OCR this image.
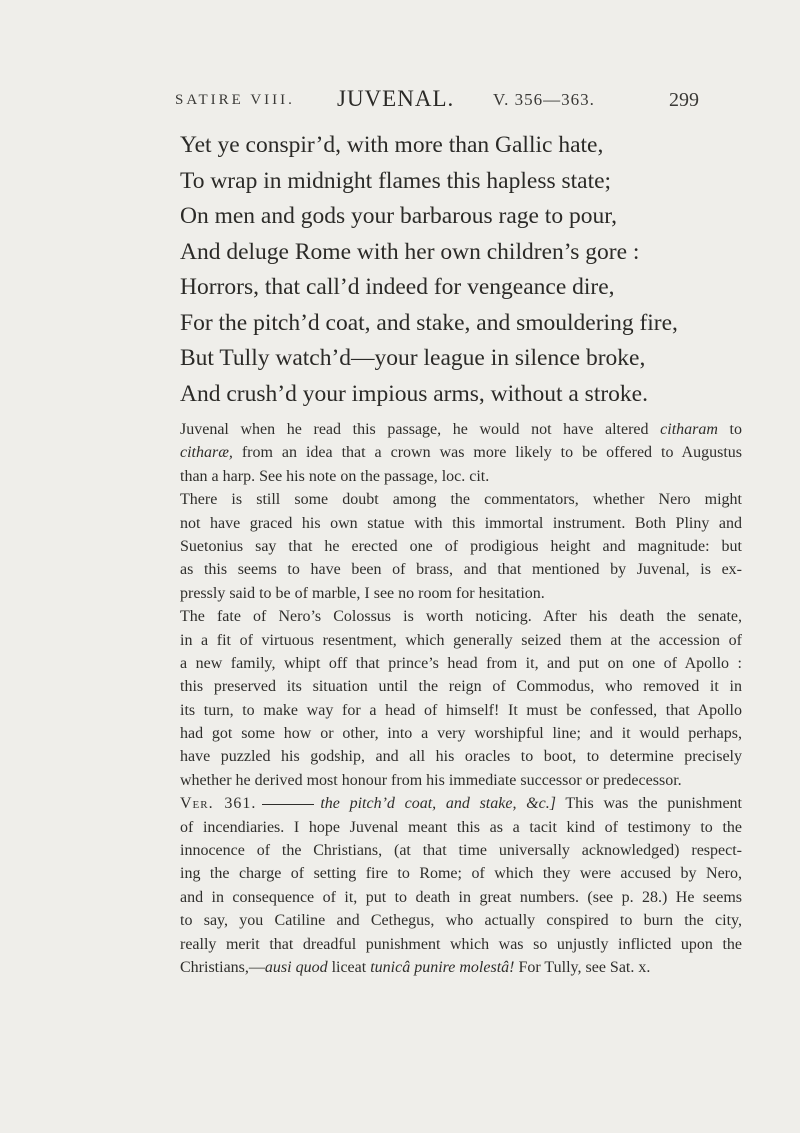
SATIRE VIII. JUVENAL. V. 356—363.	299
Yet ye conspir’d, with more than Gallic hate,
To wrap in midnight flames this hapless state;
On men and gods your barbarous rage to pour,
And deluge Rome with her own children’s gore :
Horrors, that call’d indeed for vengeance dire,
For the pitch’d coat, and stake, and smouldering fire,
But Tully watch’d—your league in silence broke,
And crush’d your impious arms, without a stroke.
Juvenal when he read this passage, he would not have altered citharam to
citharæ, from an idea that a crown was more likely to be offered to Augustus
than a harp. See his note on the passage, loc. cit.
There is still some doubt among the commentators, whether Nero might
not have graced his own statue with this immortal instrument. Both Pliny and
Suetonius say that he erected one of prodigious height and magnitude: but
as this seems to have been of brass, and that mentioned by Juvenal, is ex-
pressly said to be of marble, I see no room for hesitation.
The fate of Nero’s Colossus is worth noticing. After his death the senate,
in a fit of virtuous resentment, which generally seized them at the accession of
a new family, whipt off that prince’s head from it, and put on one of Apollo :
this preserved its situation until the reign of Commodus, who removed it in
its turn, to make way for a head of himself! It must be confessed, that Apollo
had got some how or other, into a very worshipful line; and it would perhaps,
have puzzled his godship, and all his oracles to boot, to determine precisely
whether he derived most honour from his immediate successor or predecessor.
Ver. 361.	the pitch’d coat, and stake, &c.] This was the punishment
of incendiaries. I hope Juvenal meant this as a tacit kind of testimony to the
innocence of the Christians, (at that time universally acknowledged) respect-
ing the charge of setting fire to Rome; of which they were accused by Nero,
and in consequence of it, put to death in great numbers. (see p. 28.) He seems
to say, you Catiline and Cethegus, who actually conspired to burn the city,
really merit that dreadful punishment which was so unjustly inflicted upon the
Christians,—ausi quod liceat tunicâ punire molestâ! For Tully, see Sat. x.
